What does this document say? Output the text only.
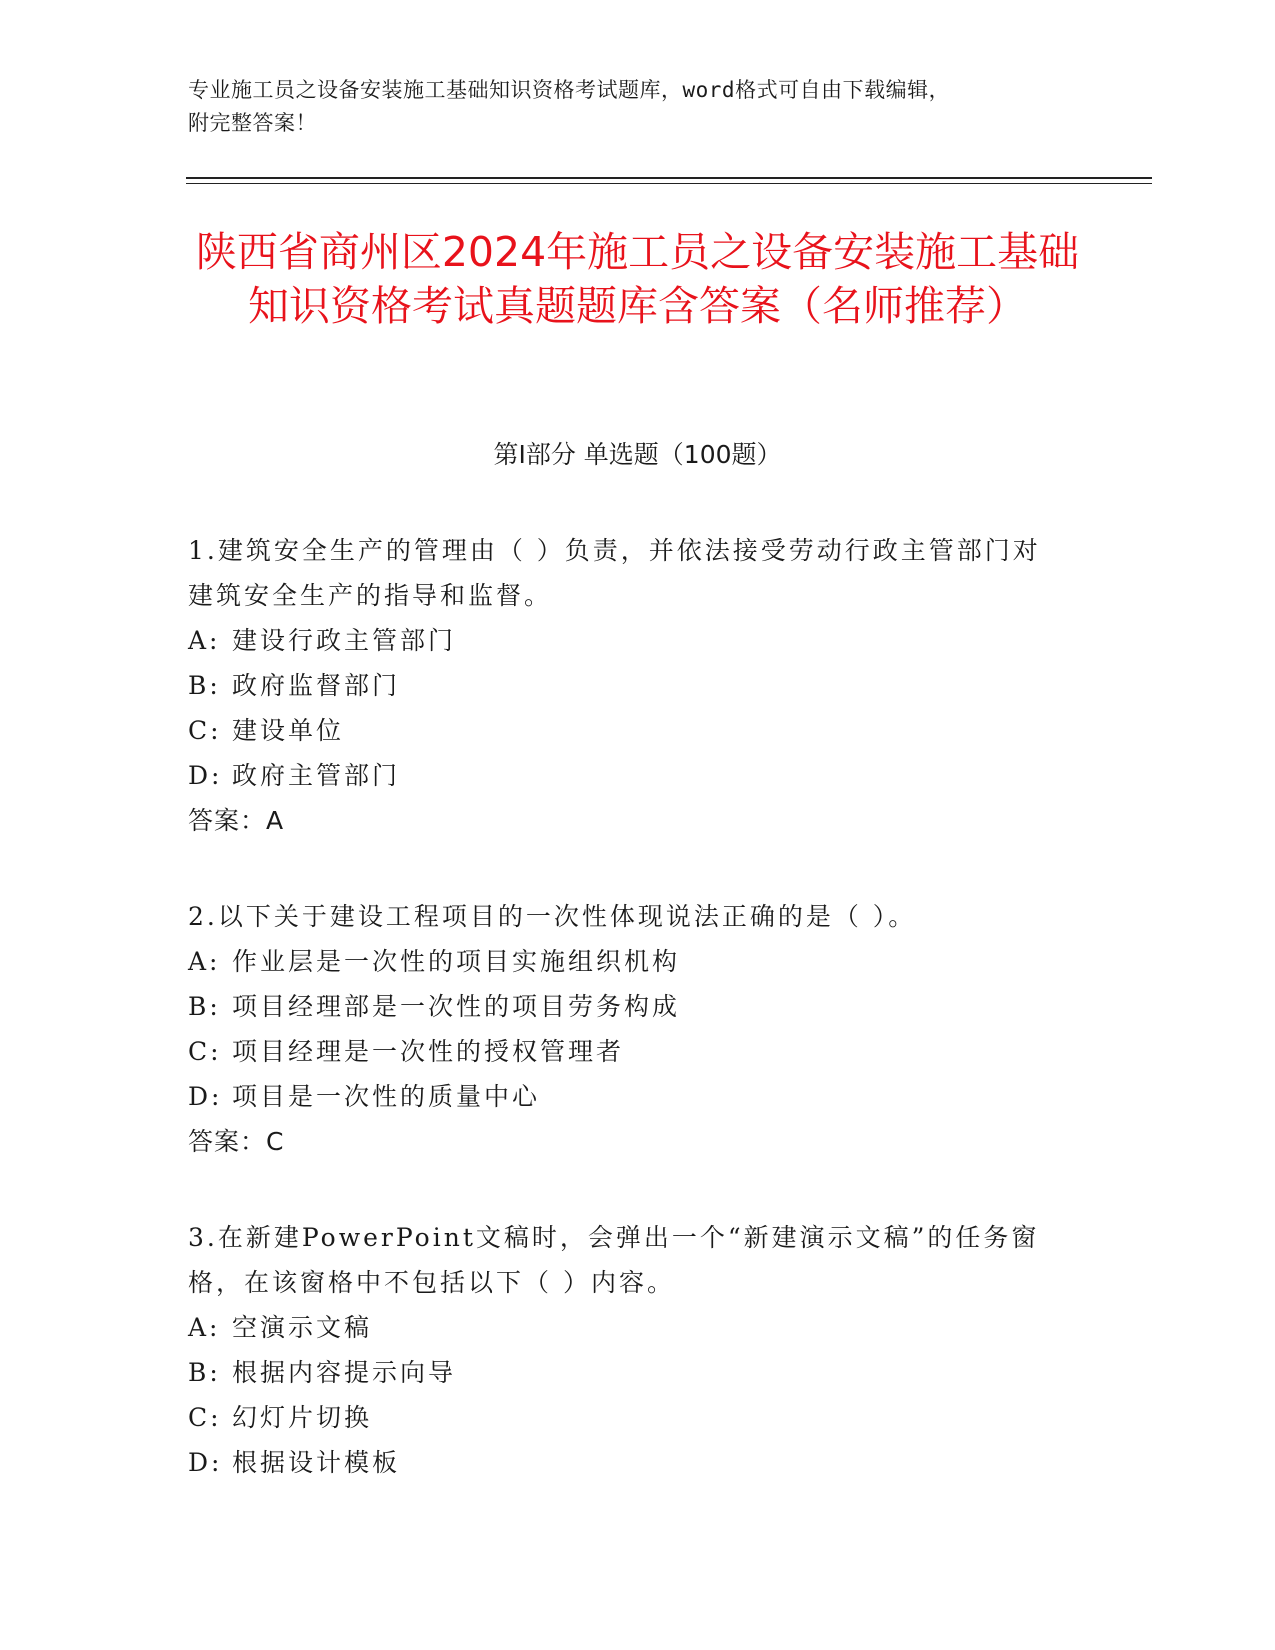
专业施工员之设备安装施工基础知识资格考试题库，word格式可自由下载编辑，
附完整答案！
陕西省商州区2024年施工员之设备安装施工基础知识资格考试真题题库含答案（名师推荐）
第Ⅰ部分 单选题（100题）

1.建筑安全生产的管理由（ ）负责，并依法接受劳动行政主管部门对建筑安全生产的指导和监督。

A: 建设行政主管部门

B: 政府监督部门

C: 建设单位

D: 政府主管部门

答案：A

2.以下关于建设工程项目的一次性体现说法正确的是（ ）。

A: 作业层是一次性的项目实施组织机构

B: 项目经理部是一次性的项目劳务构成

C: 项目经理是一次性的授权管理者

D: 项目是一次性的质量中心

答案：C

3.在新建PowerPoint文稿时，会弹出一个“新建演示文稿”的任务窗格，在该窗格中不包括以下（ ）内容。

A: 空演示文稿

B: 根据内容提示向导

C: 幻灯片切换

D: 根据设计模板
